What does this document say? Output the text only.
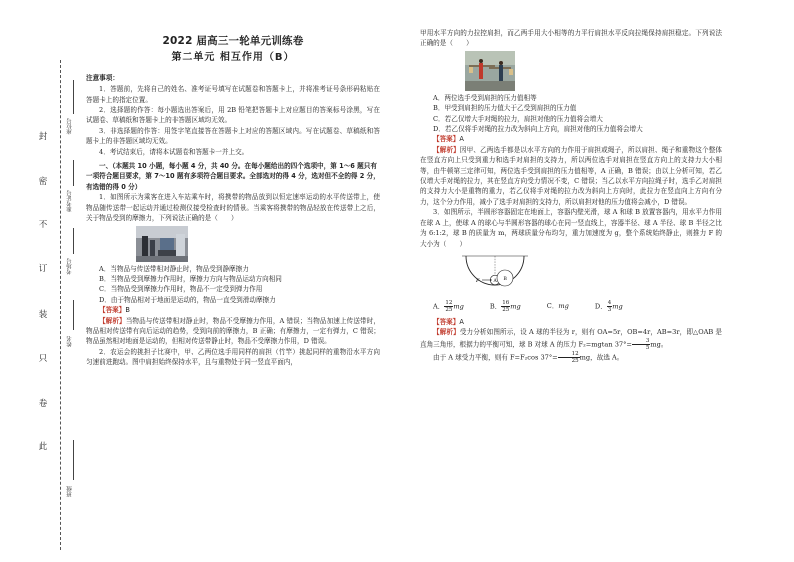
封
密
不
订
装
只
卷
此
座位号
准考证号
考场号
姓名
班级
2022 届高三一轮单元训练卷
第二单元 相互作用（B）
注意事项：
1．答题前，先将自己的姓名、准考证号填写在试题卷和答题卡上，并将准考证号条形码粘贴在答题卡上的指定位置。
2．选择题的作答：每小题选出答案后，用 2B 铅笔把答题卡上对应题目的答案标号涂黑，写在试题卷、草稿纸和答题卡上的非答题区域均无效。
3．非选择题的作答：用签字笔直接答在答题卡上对应的答题区域内。写在试题卷、草稿纸和答题卡上的非答题区域均无效。
4．考试结束后，请将本试题卷和答题卡一并上交。
一、（本题共 10 小题，每小题 4 分，共 40 分。在每小题给出的四个选项中，第 1～6 题只有一项符合题目要求，第 7～10 题有多项符合题目要求。全部选对的得 4 分，选对但不全的得 2 分，有选错的得 0 分）
1．如图所示为乘客在进入车站乘车时，将携带的物品放到以恒定速率运动的水平传送带上，使物品随传送带一起运动并通过检测仪接受检查时的情景。当乘客将携带的物品轻放在传送带上之后，关于物品受到的摩擦力，下列说法正确的是（　　）
A．当物品与传送带相对静止时，物品受到静摩擦力
B．当物品受到摩擦力作用时，摩擦力方向与物品运动方向相同
C．当物品受到摩擦力作用时，物品不一定受到弹力作用
D．由于物品相对于地面是运动的，物品一直受到滑动摩擦力
【答案】B
【解析】当物品与传送带相对静止时，物品不受摩擦力作用，A 错误；当物品加速上传送带时，物品相对传送带有向后运动的趋势，受到向前的摩擦力，B 正确；有摩擦力，一定有弹力，C 错误；物品虽然相对地面是运动的，但相对传送带静止时，物品不受摩擦力作用，D 错误。
2．农运会的挑担子比赛中，甲、乙两位选手用同样的肩担（竹竿）挑起同样的重物沿水平方向匀速前进跑动。图中肩担始终保持水平，且与重物处于同一竖直平面内，
甲用水平方向的力拉控肩担，而乙两手用大小相等的力平行肩担水平反向拉绳保持肩担稳定。下列说法正确的是（　　）
A．两位选手受到肩担的压力值相等
B．甲受到肩担的压力值大于乙受到肩担的压力值
C．若乙仅增大手对绳的拉力，肩担对他的压力值将会增大
D．若乙仅将手对绳的拉力改为斜向上方向，肩担对他的压力值将会增大
【答案】A
【解析】因甲、乙两选手都是以水平方向的力作用于肩担或绳子，所以肩担、绳子和重物这个整体在竖直方向上只受到重力和选手对肩担的支持力，所以两位选手对肩担在竖直方向上的支持力大小相等，由牛顿第三定律可知，两位选手受到肩担的压力值相等，A 正确，B 错误；由以上分析可知，若乙仅增大手对绳的拉力，其在竖直方向受力情况不变，C 错误；当乙以水平方向拉绳子时，选手乙对肩担的支持力大小是重物的重力，若乙仅将手对绳的拉力改为斜向上方向时，此拉力在竖直向上方向有分力，这个分力作用，减小了选手对肩担的支持力，所以肩担对他的压力值将会减小，D 错误。
3．如图所示，半圆形容器固定在地面上，容器内壁光滑，球 A 和球 B 放置容器内，用水平力作用在球 A 上，使球 A 的球心与半圆形容器的球心在同一竖直线上，容器半径、球 A 半径、球 B 半径之比为 6:1:2，球 B 的质量为 m，两球质量分布均匀，重力加速度为 g，整个系统始终静止，则推力 F 的大小为（　　）
F	A B
A． $\frac{12}{25}$ mg	B． $\frac{16}{25}$ mg	C．mg	D． $\frac{4}{3}$ mg
【答案】A
【解析】受力分析如图所示，设 A 球的半径为 r，则有 OA=5r，OB=4r，AB=3r，即△OAB 是直角三角形，根据力的平衡可知，球 B 对球 A 的压力 F₂=mgtan $37^\circ= \frac{3}{5}$ mg。
由于 A 球受力平衡，则有 F=F₂cos $37^\circ= \frac{12}{25}$ mg，故选 A。
